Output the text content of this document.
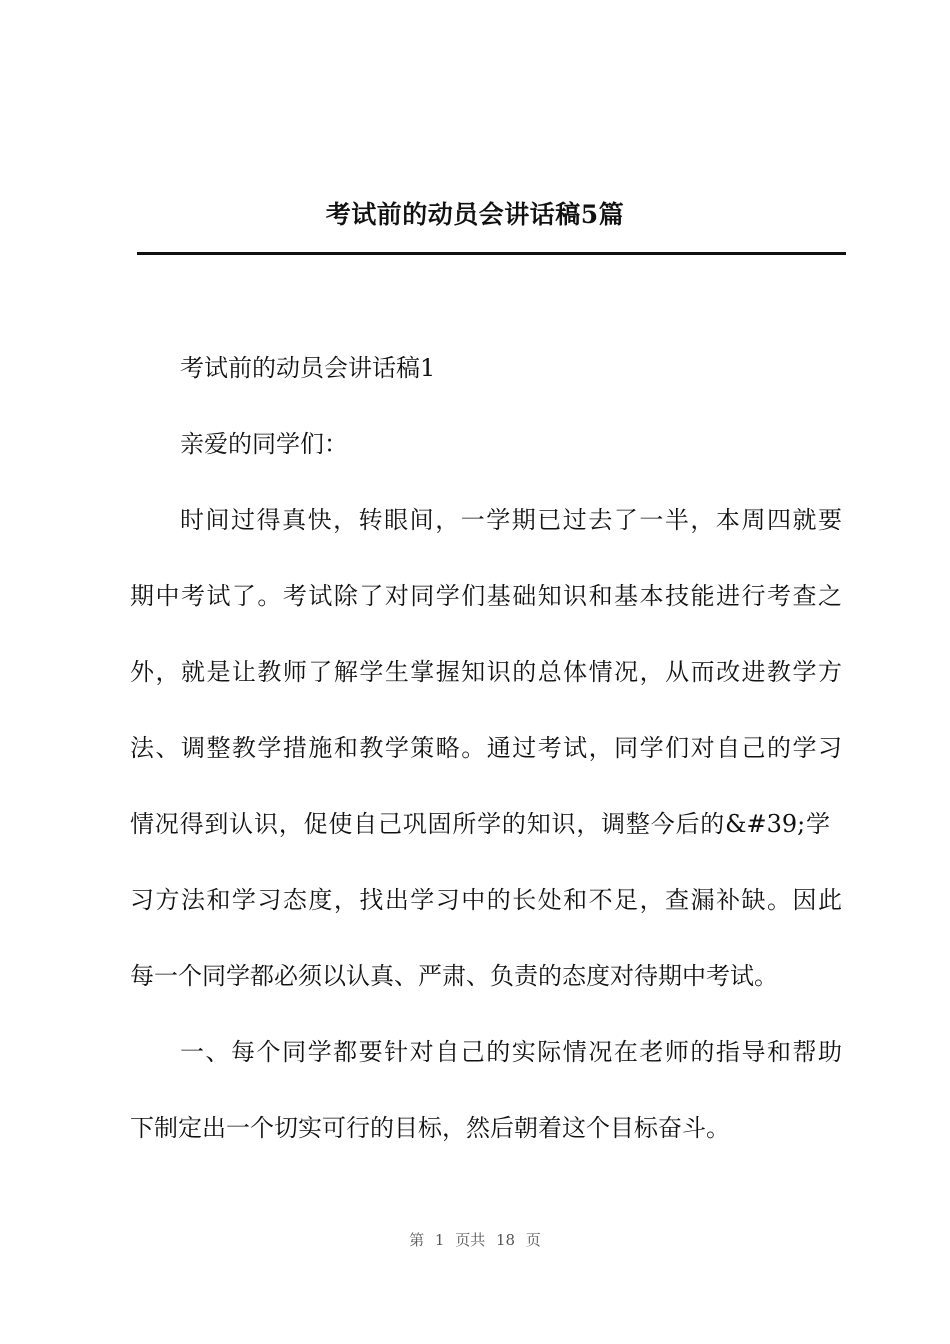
考试前的动员会讲话稿5篇
考试前的动员会讲话稿1
亲爱的同学们：
时间过得真快，转眼间，一学期已过去了一半，本周四就要
期中考试了。考试除了对同学们基础知识和基本技能进行考查之
外，就是让教师了解学生掌握知识的总体情况，从而改进教学方
法、调整教学措施和教学策略。通过考试，同学们对自己的学习
情况得到认识，促使自己巩固所学的知识，调整今后的&#39;学
习方法和学习态度，找出学习中的长处和不足，查漏补缺。因此
每一个同学都必须以认真、严肃、负责的态度对待期中考试。
一、每个同学都要针对自己的实际情况在老师的指导和帮助
下制定出一个切实可行的目标，然后朝着这个目标奋斗。
第 1 页共 18 页
